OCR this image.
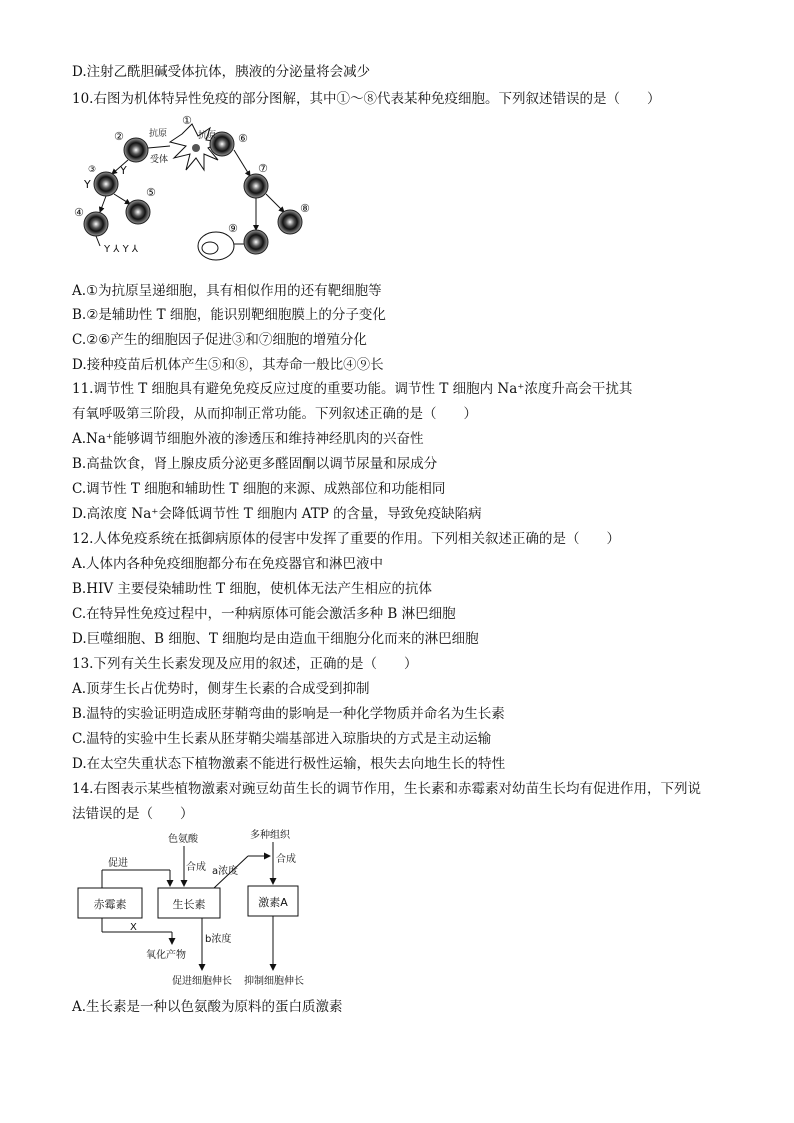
D.注射乙酰胆碱受体抗体，胰液的分泌量将会减少
10.右图为机体特异性免疫的部分图解，其中①～⑧代表某种免疫细胞。下列叙述错误的是（　　）
①
②	抗原
受体
⑥
抗原
③
Y
Y
④
⑤
Y ⅄ Y ⅄
⑦
⑧
⑨
A.①为抗原呈递细胞，具有相似作用的还有靶细胞等
B.②是辅助性 T 细胞，能识别靶细胞膜上的分子变化
C.②⑥产生的细胞因子促进③和⑦细胞的增殖分化
D.接种疫苗后机体产生⑤和⑧，其寿命一般比④⑨长
11.调节性 T 细胞具有避免免疫反应过度的重要功能。调节性 T 细胞内 Na⁺浓度升高会干扰其
有氧呼吸第三阶段，从而抑制正常功能。下列叙述正确的是（　　）
A.Na⁺能够调节细胞外液的渗透压和维持神经肌肉的兴奋性
B.高盐饮食，肾上腺皮质分泌更多醛固酮以调节尿量和尿成分
C.调节性 T 细胞和辅助性 T 细胞的来源、成熟部位和功能相同
D.高浓度 Na⁺会降低调节性 T 细胞内 ATP 的含量，导致免疫缺陷病
12.人体免疫系统在抵御病原体的侵害中发挥了重要的作用。下列相关叙述正确的是（　　）
A.人体内各种免疫细胞都分布在免疫器官和淋巴液中
B.HIV 主要侵染辅助性 T 细胞，使机体无法产生相应的抗体
C.在特异性免疫过程中，一种病原体可能会激活多种 B 淋巴细胞
D.巨噬细胞、B 细胞、T 细胞均是由造血干细胞分化而来的淋巴细胞
13.下列有关生长素发现及应用的叙述，正确的是（　　）
A.顶芽生长占优势时，侧芽生长素的合成受到抑制
B.温特的实验证明造成胚芽鞘弯曲的影响是一种化学物质并命名为生长素
C.温特的实验中生长素从胚芽鞘尖端基部进入琼脂块的方式是主动运输
D.在太空失重状态下植物激素不能进行极性运输，根失去向地生长的特性
14.右图表示某些植物激素对豌豆幼苗生长的调节作用，生长素和赤霉素对幼苗生长均有促进作用，下列说
法错误的是（　　）
赤霉素	生长素	激素A
色氨酸
合成
多种组织
合成
促进
a浓度
X
氧化产物
b浓度
促进细胞伸长 抑制细胞伸长
A.生长素是一种以色氨酸为原料的蛋白质激素
